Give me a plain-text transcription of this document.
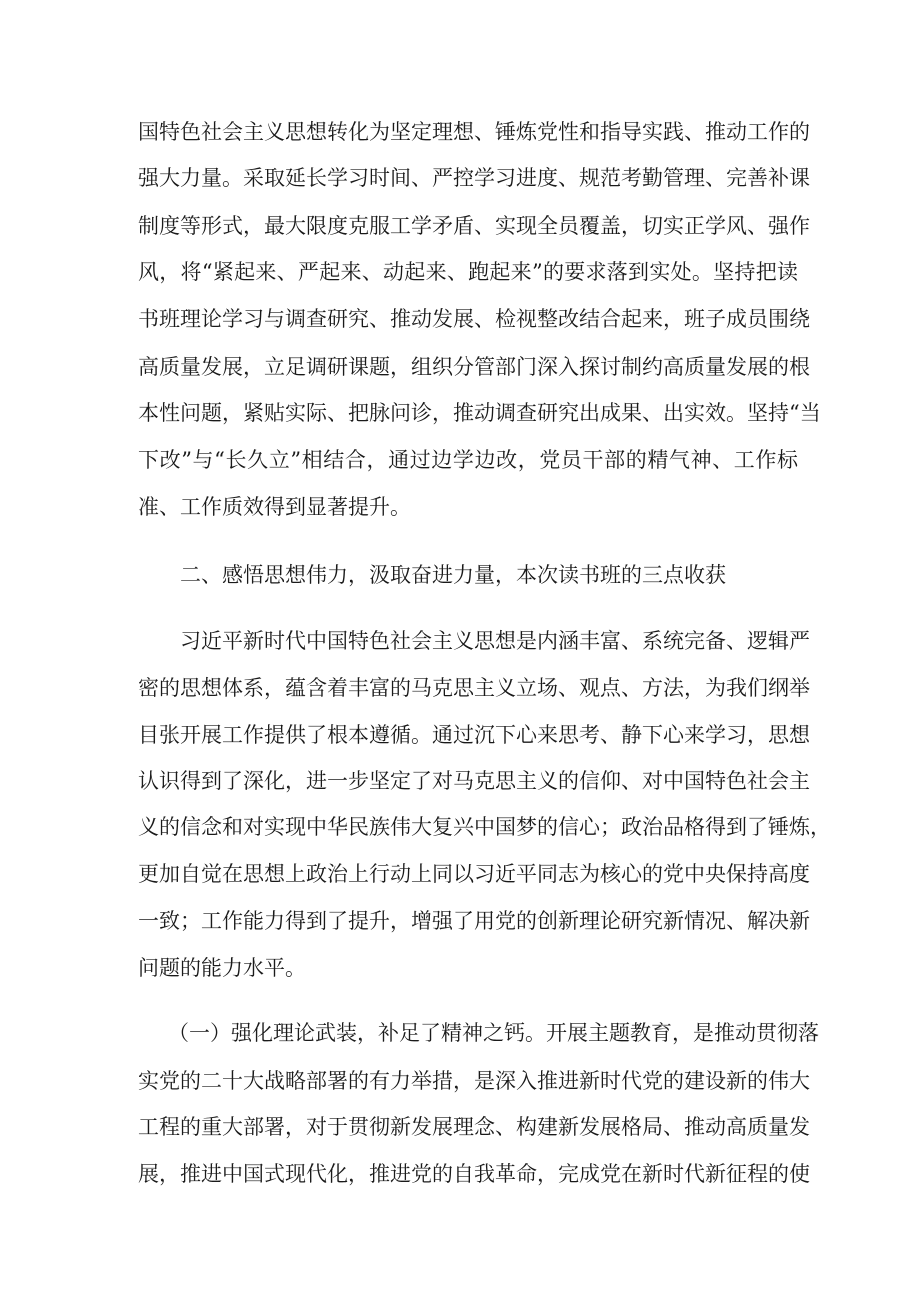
国特色社会主义思想转化为坚定理想、锤炼党性和指导实践、推动工作的
强大力量。采取延长学习时间、严控学习进度、规范考勤管理、完善补课
制度等形式，最大限度克服工学矛盾、实现全员覆盖，切实正学风、强作
风，将“紧起来、严起来、动起来、跑起来”的要求落到实处。坚持把读
书班理论学习与调查研究、推动发展、检视整改结合起来，班子成员围绕
高质量发展，立足调研课题，组织分管部门深入探讨制约高质量发展的根
本性问题，紧贴实际、把脉问诊，推动调查研究出成果、出实效。坚持“当
下改”与“长久立”相结合，通过边学边改，党员干部的精气神、工作标
准、工作质效得到显著提升。
二、感悟思想伟力，汲取奋进力量，本次读书班的三点收获
习近平新时代中国特色社会主义思想是内涵丰富、系统完备、逻辑严
密的思想体系，蕴含着丰富的马克思主义立场、观点、方法，为我们纲举
目张开展工作提供了根本遵循。通过沉下心来思考、静下心来学习，思想
认识得到了深化，进一步坚定了对马克思主义的信仰、对中国特色社会主
义的信念和对实现中华民族伟大复兴中国梦的信心；政治品格得到了锤炼，
更加自觉在思想上政治上行动上同以习近平同志为核心的党中央保持高度
一致；工作能力得到了提升，增强了用党的创新理论研究新情况、解决新
问题的能力水平。
（一）强化理论武装，补足了精神之钙。开展主题教育，是推动贯彻落
实党的二十大战略部署的有力举措，是深入推进新时代党的建设新的伟大
工程的重大部署，对于贯彻新发展理念、构建新发展格局、推动高质量发
展，推进中国式现代化，推进党的自我革命，完成党在新时代新征程的使
